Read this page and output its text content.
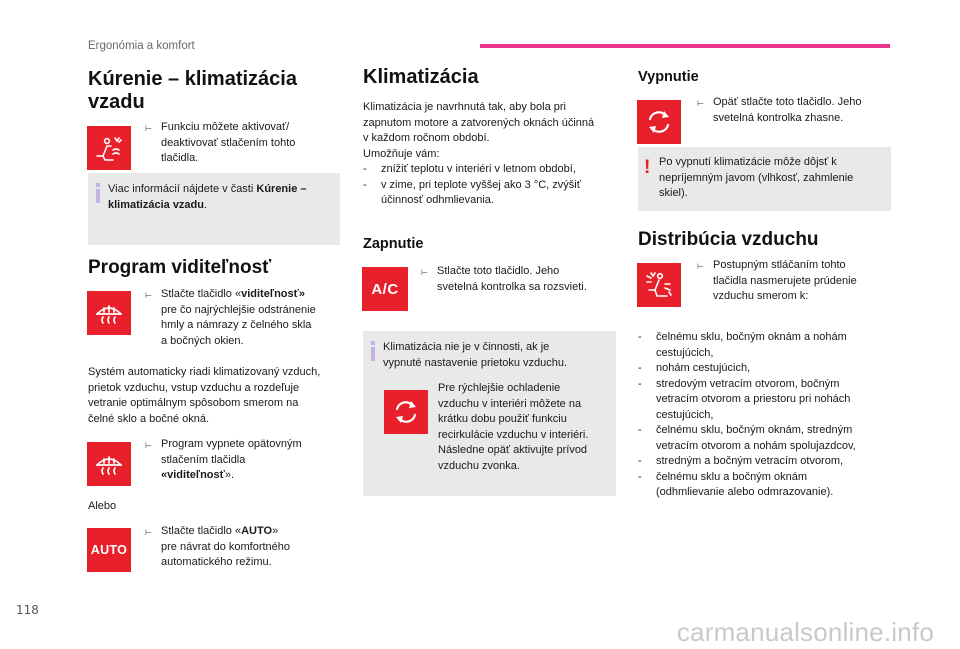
Ergonómia a komfort
Kúrenie – klimatizácia
vzadu
⊢ Funkciu môžete aktivovať/
deaktivovať stlačením tohto
tlačidla.
Viac informácií nájdete v časti Kúrenie –
klimatizácia vzadu.
Program viditeľnosť
⊢ Stlačte tlačidlo «viditeľnosť»
pre čo najrýchlejšie odstránenie
hmly a námrazy z čelného skla
a bočných okien.
Systém automaticky riadi klimatizovaný vzduch,
prietok vzduchu, vstup vzduchu a rozdeľuje
vetranie optimálnym spôsobom smerom na
čelné sklo a bočné okná.
⊢ Program vypnete opätovným
stlačením tlačidla
«viditeľnosť».
Alebo
AUTO
⊢ Stlačte tlačidlo «AUTO»
pre návrat do komfortného
automatického režimu.
Klimatizácia
Klimatizácia je navrhnutá tak, aby bola pri
zapnutom motore a zatvorených oknách účinná
v každom ročnom období.
Umožňuje vám:
- znížiť teplotu v interiéri v letnom období,
- v zime, pri teplote vyššej ako 3 °C, zvýšiť
účinnosť odhmlievania.
Zapnutie
A/C
⊢ Stlačte toto tlačidlo. Jeho
svetelná kontrolka sa rozsvieti.
Klimatizácia nie je v činnosti, ak je
vypnuté nastavenie prietoku vzduchu.
Pre rýchlejšie ochladenie
vzduchu v interiéri môžete na
krátku dobu použiť funkciu
recirkulácie vzduchu v interiéri.
Následne opäť aktivujte prívod
vzduchu zvonka.
Vypnutie
⊢ Opäť stlačte toto tlačidlo. Jeho
svetelná kontrolka zhasne.
! Po vypnutí klimatizácie môže dôjsť k
nepríjemným javom (vlhkosť, zahmlenie
skiel).
Distribúcia vzduchu
⊢ Postupným stláčaním tohto
tlačidla nasmerujete prúdenie
vzduchu smerom k:
- čelnému sklu, bočným oknám a nohám
cestujúcich,
- nohám cestujúcich,
- stredovým vetracím otvorom, bočným
vetracím otvorom a priestoru pri nohách
cestujúcich,
- čelnému sklu, bočným oknám, stredným
vetracím otvorom a nohám spolujazdcov,
- stredným a bočným vetracím otvorom,
- čelnému sklu a bočným oknám
(odhmlievanie alebo odmrazovanie).
118
carmanualsonline.info
